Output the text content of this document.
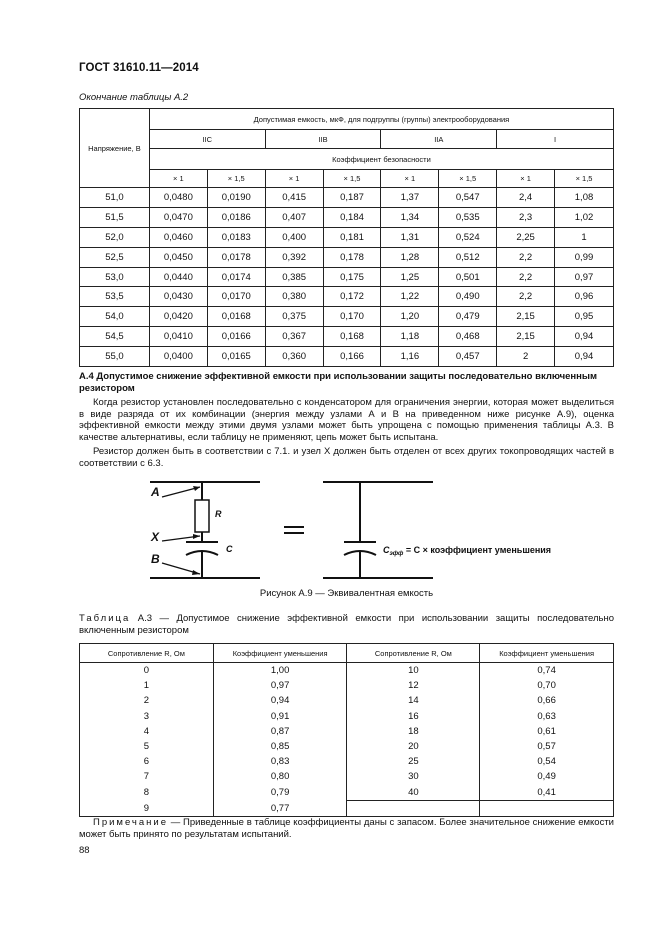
ГОСТ 31610.11—2014
Окончание таблицы А.2
Напряжение, В	Допустимая емкость, мкФ, для подгруппы (группы) электрооборудования							
	IIC		IIB		IIA		I	
	Коэффициент безопасности							
	× 1	× 1,5	× 1	× 1,5	× 1	× 1,5	× 1	× 1,5
51,0	0,0480	0,0190	0,415	0,187	1,37	0,547	2,4	1,08
51,5	0,0470	0,0186	0,407	0,184	1,34	0,535	2,3	1,02
52,0	0,0460	0,0183	0,400	0,181	1,31	0,524	2,25	1
52,5	0,0450	0,0178	0,392	0,178	1,28	0,512	2,2	0,99
53,0	0,0440	0,0174	0,385	0,175	1,25	0,501	2,2	0,97
53,5	0,0430	0,0170	0,380	0,172	1,22	0,490	2,2	0,96
54,0	0,0420	0,0168	0,375	0,170	1,20	0,479	2,15	0,95
54,5	0,0410	0,0166	0,367	0,168	1,18	0,468	2,15	0,94
55,0	0,0400	0,0165	0,360	0,166	1,16	0,457	2	0,94
А.4 Допустимое снижение эффективной емкости при использовании защиты последовательно включенным резистором
Когда резистор установлен последовательно с конденсатором для ограничения энергии, которая может выделиться в виде разряда от их комбинации (энергия между узлами А и В на приведенном ниже рисунке А.9), оценка эффективной емкости между этими двумя узлами может быть упрощена с помощью применения таблицы А.3. В качестве альтернативы, если таблицу не применяют, цепь может быть испытана.
Резистор должен быть в соответствии с 7.1. и узел X должен быть отделен от всех других токопроводящих частей в соответствии с 6.3.
A
X
B
R
C	$C_{эфф} = C$ × коэффициент уменьшения
Рисунок А.9 — Эквивалентная емкость
Таблица А.3 — Допустимое снижение эффективной емкости при использовании защиты последовательно включенным резистором
Сопротивление R, Ом	Коэффициент уменьшения	Сопротивление R, Ом	Коэффициент уменьшения
0	1,00	10	0,74
1	0,97	12	0,70
2	0,94	14	0,66
3	0,91	16	0,63
4	0,87	18	0,61
5	0,85	20	0,57
6	0,83	25	0,54
7	0,80	30	0,49
8	0,79	40	0,41
9	0,77		
Примечание — Приведенные в таблице коэффициенты даны с запасом. Более значительное снижение емкости может быть принято по результатам испытаний.
88
